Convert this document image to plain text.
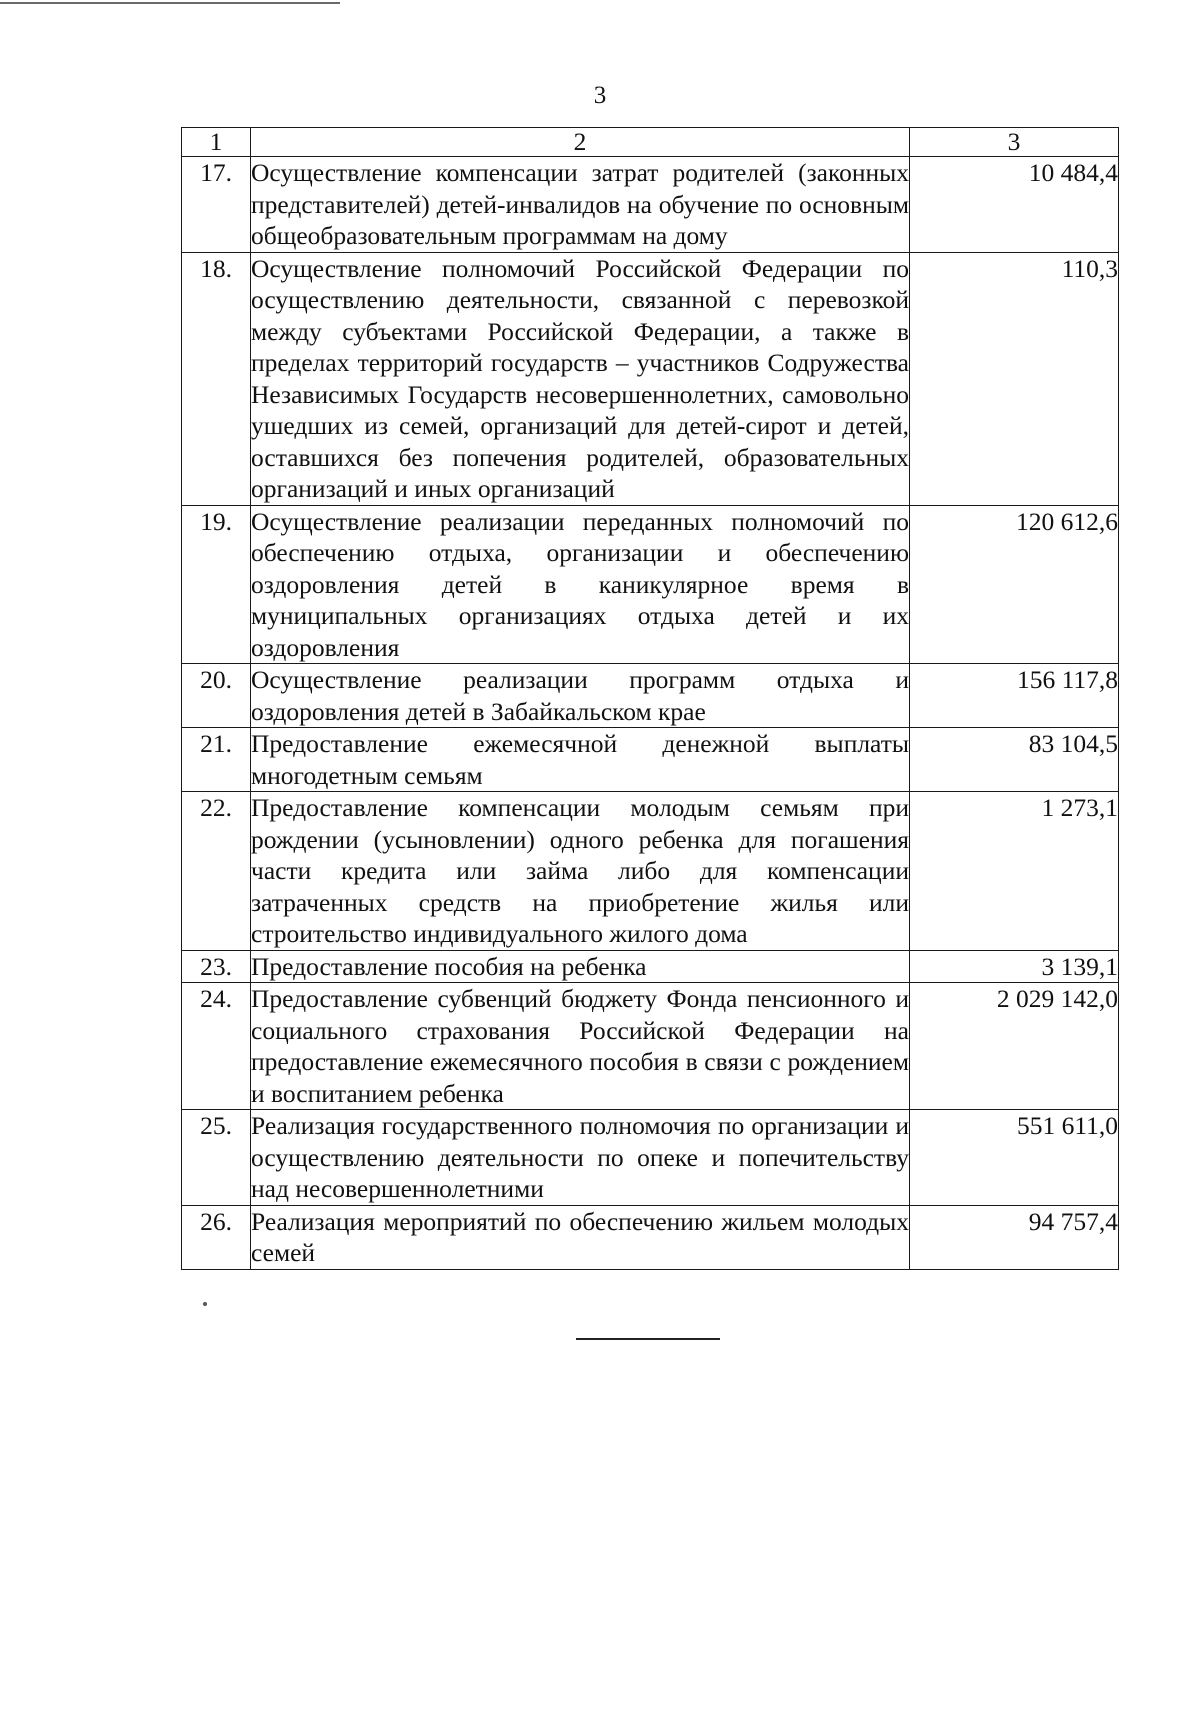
3
1	2	3
17.	Осуществление компенсации затрат родителей (законных представителей) детей-инвалидов на обучение по основным общеобразовательным программам на дому	10 484,4
18.	Осуществление полномочий Российской Федерации по осуществлению деятельности, связанной с перевозкой между субъектами Российской Федерации, а также в пределах территорий государств – участников Содружества Независимых Государств несовершеннолетних, самовольно ушедших из семей, организаций для детей-сирот и детей, оставшихся без попечения родителей, образовательных организаций и иных организаций	110,3
19.	Осуществление реализации переданных полномочий по обеспечению отдыха, организации и обеспечению оздоровления детей в каникулярное время в муниципальных организациях отдыха детей и их оздоровления	120 612,6
20.	Осуществление реализации программ отдыха и оздоровления детей в Забайкальском крае	156 117,8
21.	Предоставление ежемесячной денежной выплаты многодетным семьям	83 104,5
22.	Предоставление компенсации молодым семьям при рождении (усыновлении) одного ребенка для погашения части кредита или займа либо для компенсации затраченных средств на приобретение жилья или строительство индивидуального жилого дома	1 273,1
23.	Предоставление пособия на ребенка	3 139,1
24.	Предоставление субвенций бюджету Фонда пенсионного и социального страхования Российской Федерации на предоставление ежемесячного пособия в связи с рождением и воспитанием ребенка	2 029 142,0
25.	Реализация государственного полномочия по организации и осуществлению деятельности по опеке и попечительству над несовершеннолетними	551 611,0
26.	Реализация мероприятий по обеспечению жильем молодых семей	94 757,4
